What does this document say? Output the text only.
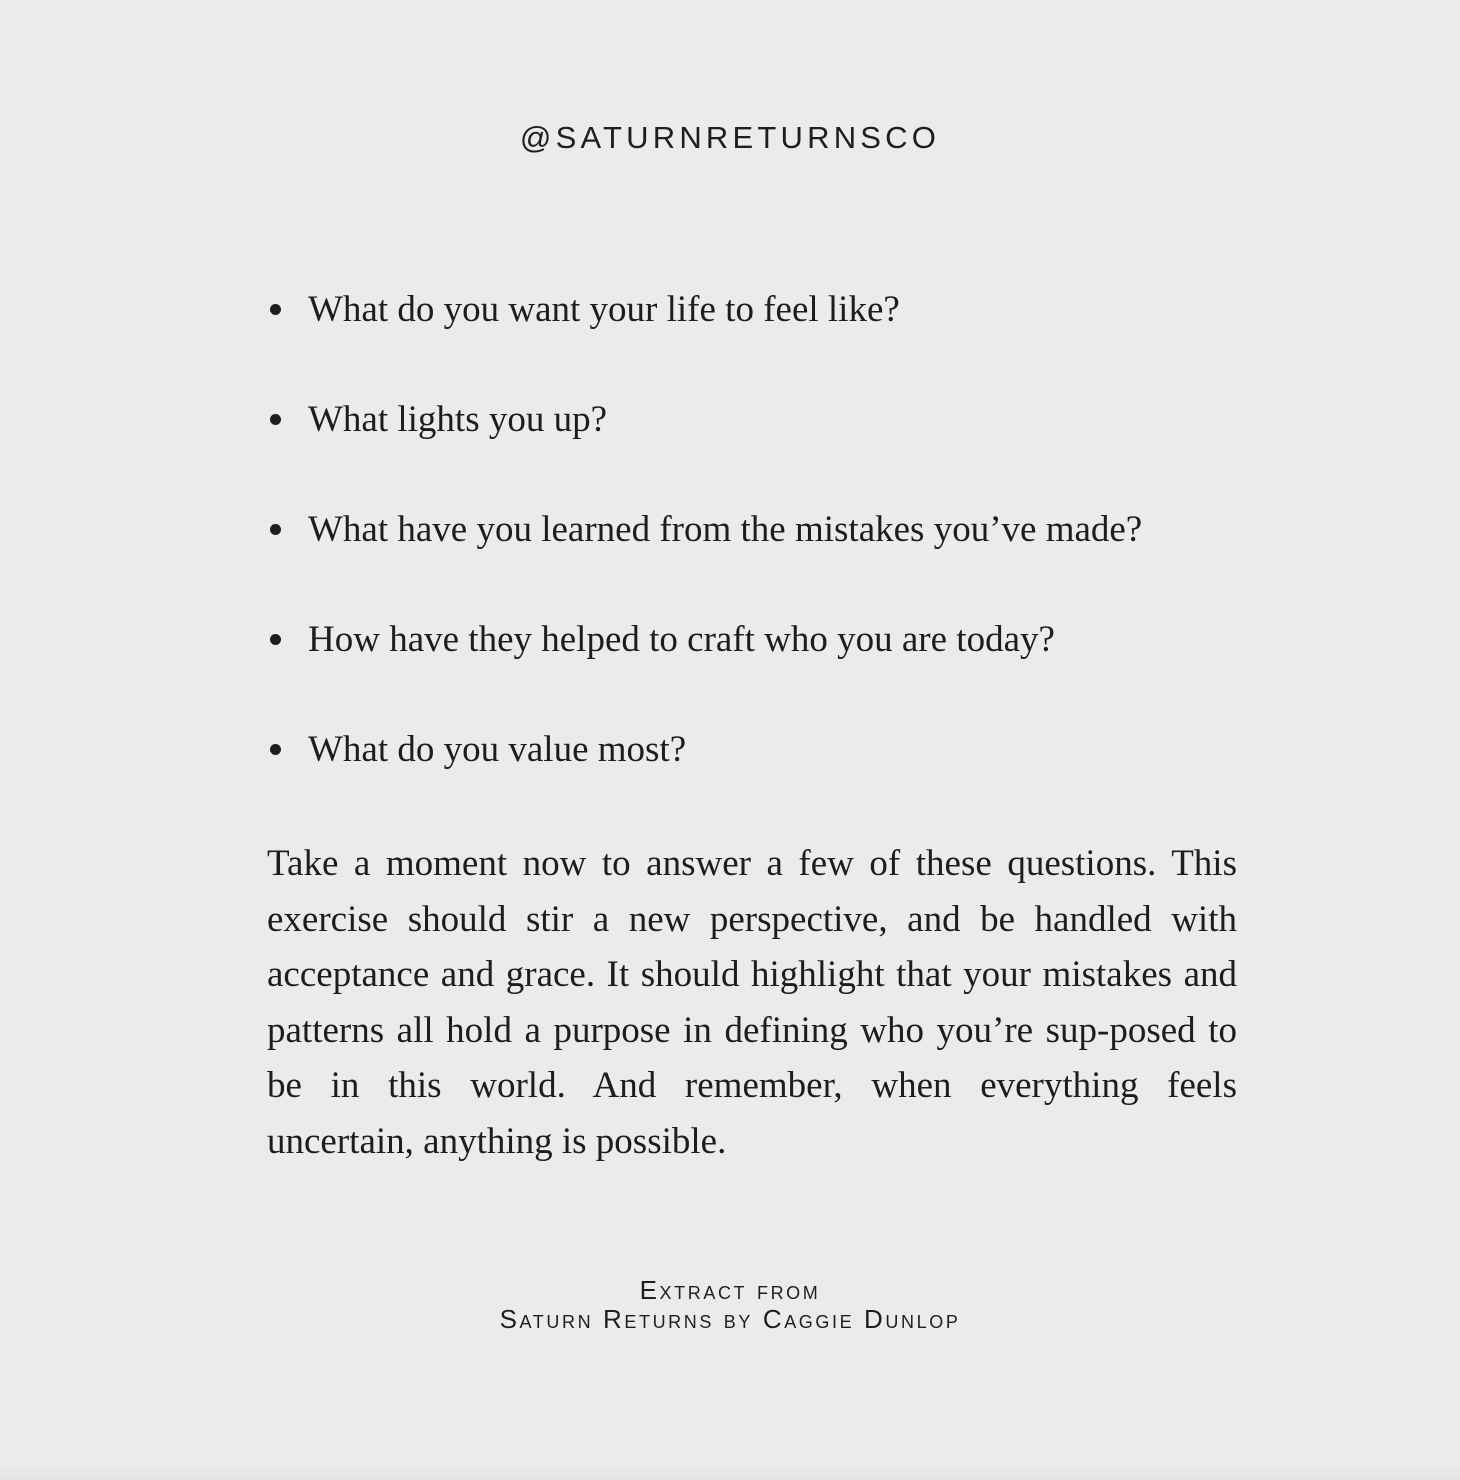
@SATURNRETURNSCO
What do you want your life to feel like?
What lights you up?
What have you learned from the mistakes you’ve made?
How have they helped to craft who you are today?
What do you value most?

Take a moment now to answer a few of these questions. This exercise should stir a new perspective, and be handled with acceptance and grace. It should highlight that your mistakes and patterns all hold a purpose in defining who you’re sup-posed to be in this world. And remember, when everything feels uncertain, anything is possible.

Extract from
Saturn Returns by Caggie Dunlop
